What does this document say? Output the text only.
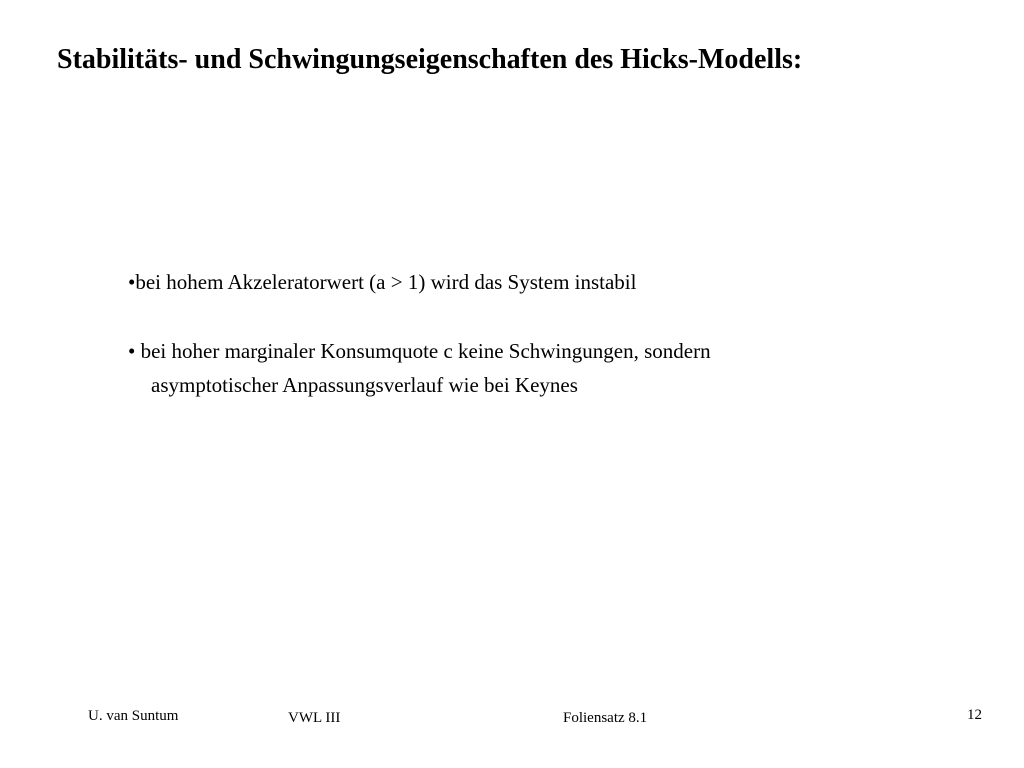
Stabilitäts- und Schwingungseigenschaften des Hicks-Modells:
•bei hohem Akzeleratorwert (a > 1) wird das System instabil
• bei hoher marginaler Konsumquote c keine Schwingungen, sondern
asymptotischer Anpassungsverlauf wie bei Keynes
U. van Suntum	VWL III	Foliensatz 8.1	12
